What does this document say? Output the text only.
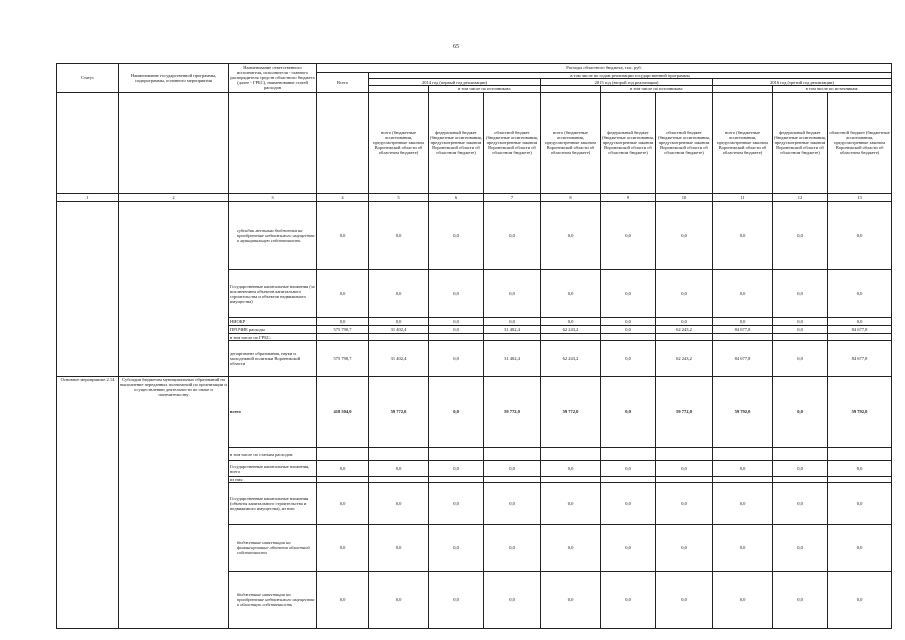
65
Статус	Наименование государственной программы, подпрограммы, основного мероприятия	Наименование ответственного исполнителя, исполнителя - главного распорядителя средств областного бюджета (далее - ГРБС), наименование статей расходов	Расходы областного бюджета, тыс. руб.									
			Всего	в том числе по годам реализации государственной программы								
				2014 год (первый год реализации)			2015 год (второй год реализации)			2016 год (третий год реализации)		
					в том числе по источникам:			в том числе по источникам:			в том числе по источникам:	
				всего (бюджетные ассигнования, предусмотренные законом Воронежской области об областном бюджете)	федеральный бюджет (бюджетные ассигнования, предусмотренные законом Воронежской области об областном бюджете)	областной бюджет (бюджетные ассигнования, предусмотренные законом Воронежской области об областном бюджете)	всего (бюджетные ассигнования, предусмотренные законом Воронежской области об областном бюджете)	федеральный бюджет (бюджетные ассигнования, предусмотренные законом Воронежской области об областном бюджете)	областной бюджет (бюджетные ассигнования, предусмотренные законом Воронежской области об областном бюджете)	всего (бюджетные ассигнования, предусмотренные законом Воронежской области об областном бюджете)	федеральный бюджет (бюджетные ассигнования, предусмотренные законом Воронежской области об областном бюджете)	областной бюджет (бюджетные ассигнования, предусмотренные законом Воронежской области об областном бюджете)
1	2	3	4	5	6	7	8	9	10	11	12	13
		субсидии местным бюджетам на приобретение недвижимого имущества в муниципальную собственность	0,0	0,0	0,0	0,0	0,0	0,0	0,0	0,0	0,0	0,0
		Государственные капитальные вложения (за исключением объектов капитального строительства и объектов недвижимого имущества)	0,0	0,0	0,0	0,0	0,0	0,0	0,0	0,0	0,0	0,0
		НИОКР	0,0	0,0	0,0	0,0	0,0	0,0	0,0	0,0	0,0	0,0
		ПРОЧИЕ расходы	575 790,7	31 402,4	0,0	31 402,4	62 243,2	0,0	62 243,2	84 677,8	0,0	84 677,8
		в том числе по ГРБС:										
		департамент образования, науки и молодежной политики Воронежской области	575 790,7	31 402,4	0,0	31 402,4	62 243,2	0,0	62 243,2	84 677,8	0,0	84 677,8
Основное мероприятие 2.14	Субсидии бюджетам муниципальных образований на выполнение переданных полномочий по организации и осуществлению деятельности по опеке и попечительству	всего	418 504,0	59 772,0	0,0	59 772,0	59 772,0	0,0	59 772,0	59 792,0	0,0	59 792,0
		в том числе по статьям расходов:										
		Государственные капитальные вложения, всего	0,0	0,0	0,0	0,0	0,0	0,0	0,0	0,0	0,0	0,0
		из них:										
		Государственные капитальные вложения (объекты капитального строительства и недвижимого имущества), из них:	0,0	0,0	0,0	0,0	0,0	0,0	0,0	0,0	0,0	0,0
		бюджетные инвестиции на финансирование объектов областной собственности	0,0	0,0	0,0	0,0	0,0	0,0	0,0	0,0	0,0	0,0
		бюджетные инвестиции на приобретение недвижимого имущества в областную собственность	0,0	0,0	0,0	0,0	0,0	0,0	0,0	0,0	0,0	0,0
